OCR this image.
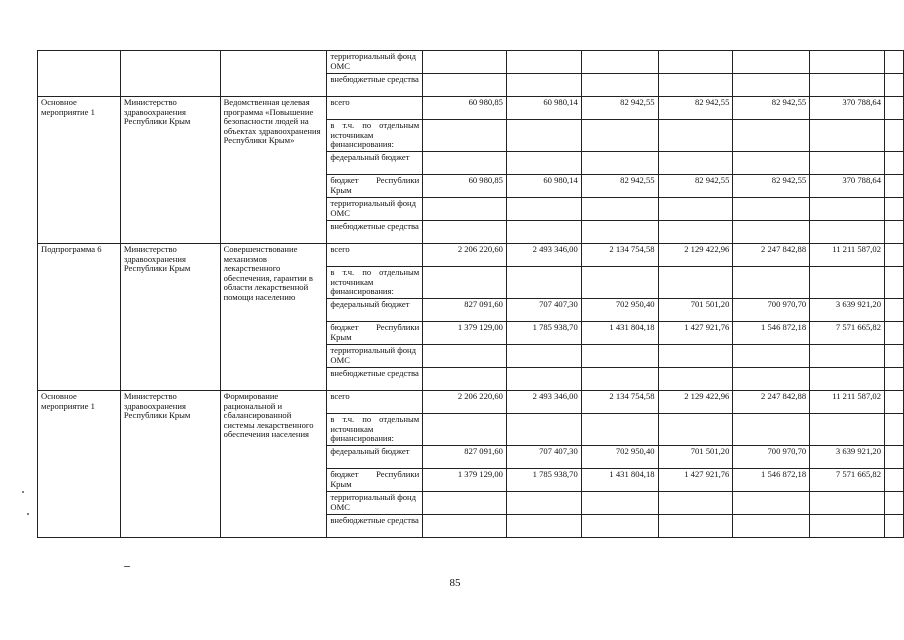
			территориальный фонд ОМС							
			внебюджетные средства							
Основное мероприятие 1	Министерство здравоохранения Республики Крым	Ведомственная целевая программа «Повышение безопасности людей на объектах здравоохранения Республики Крым»	всего	60 980,85	60 980,14	82 942,55	82 942,55	82 942,55	370 788,64	
			в т.ч. по отдельным источникам финансирования:							
			федеральный бюджет							
			бюджет Республики Крым	60 980,85	60 980,14	82 942,55	82 942,55	82 942,55	370 788,64	
			территориальный фонд ОМС							
			внебюджетные средства							
Подпрограмма 6	Министерство здравоохранения Республики Крым	Совершенствование механизмов лекарственного обеспечения, гарантии в области лекарственной помощи населению	всего	2 206 220,60	2 493 346,00	2 134 754,58	2 129 422,96	2 247 842,88	11 211 587,02	
			в т.ч. по отдельным источникам финансирования:							
			федеральный бюджет	827 091,60	707 407,30	702 950,40	701 501,20	700 970,70	3 639 921,20	
			бюджет Республики Крым	1 379 129,00	1 785 938,70	1 431 804,18	1 427 921,76	1 546 872,18	7 571 665,82	
			территориальный фонд ОМС							
			внебюджетные средства							
Основное мероприятие 1	Министерство здравоохранения Республики Крым	Формирование рациональной и сбалансированной системы лекарственного обеспечения населения	всего	2 206 220,60	2 493 346,00	2 134 754,58	2 129 422,96	2 247 842,88	11 211 587,02	
			в т.ч. по отдельным источникам финансирования:							
			федеральный бюджет	827 091,60	707 407,30	702 950,40	701 501,20	700 970,70	3 639 921,20	
			бюджет Республики Крым	1 379 129,00	1 785 938,70	1 431 804,18	1 427 921,76	1 546 872,18	7 571 665,82	
			территориальный фонд ОМС							
			внебюджетные средства							
85
